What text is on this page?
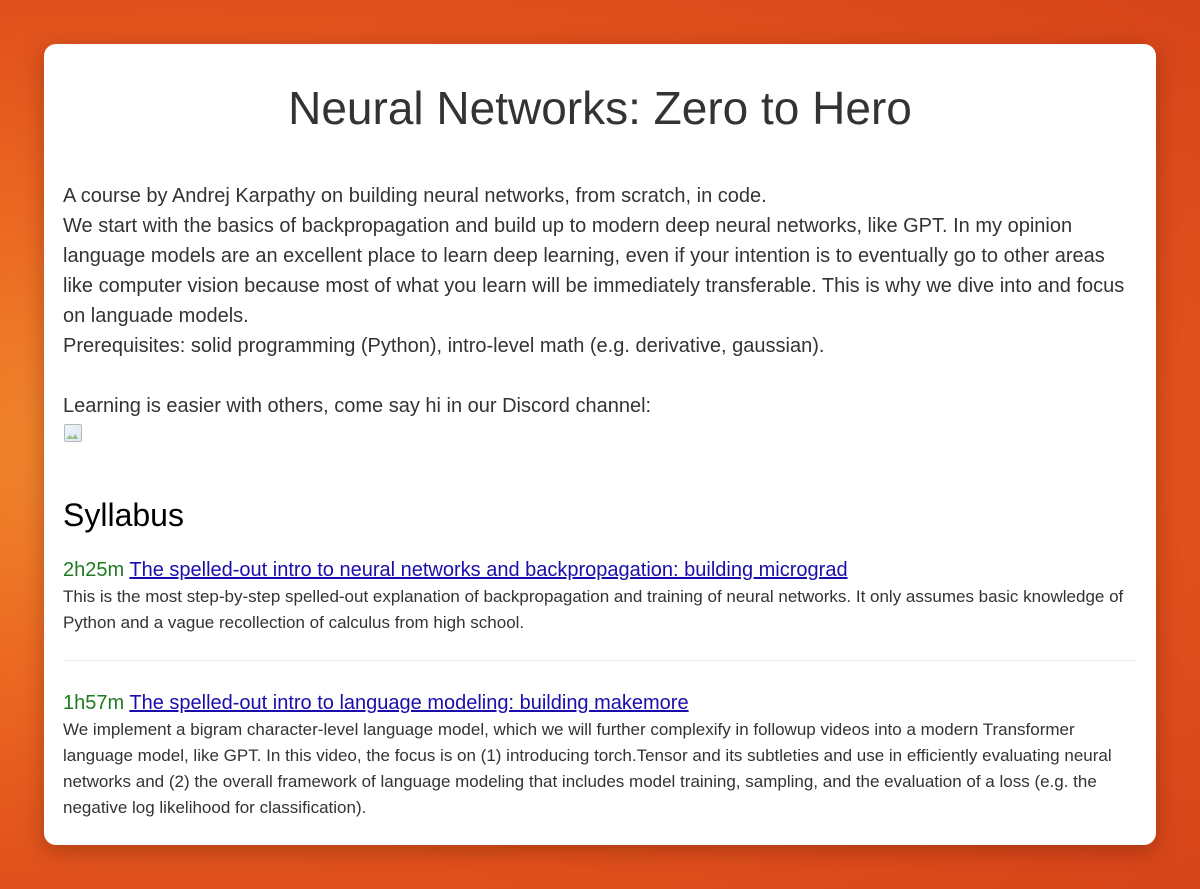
Neural Networks: Zero to Hero

A course by Andrej Karpathy on building neural networks, from scratch, in code.

We start with the basics of backpropagation and build up to modern deep neural networks, like GPT. In my opinion language models are an excellent place to learn deep learning, even if your intention is to eventually go to other areas like computer vision because most of what you learn will be immediately transferable. This is why we dive into and focus on languade models.

Prerequisites: solid programming (Python), intro-level math (e.g. derivative, gaussian).

Learning is easier with others, come say hi in our Discord channel:

Syllabus
2h25m The spelled-out intro to neural networks and backpropagation: building micrograd
This is the most step-by-step spelled-out explanation of backpropagation and training of neural networks. It only assumes basic knowledge of Python and a vague recollection of calculus from high school.
1h57m The spelled-out intro to language modeling: building makemore
We implement a bigram character-level language model, which we will further complexify in followup videos into a modern Transformer language model, like GPT. In this video, the focus is on (1) introducing torch.Tensor and its subtleties and use in efficiently evaluating neural networks and (2) the overall framework of language modeling that includes model training, sampling, and the evaluation of a loss (e.g. the negative log likelihood for classification).
